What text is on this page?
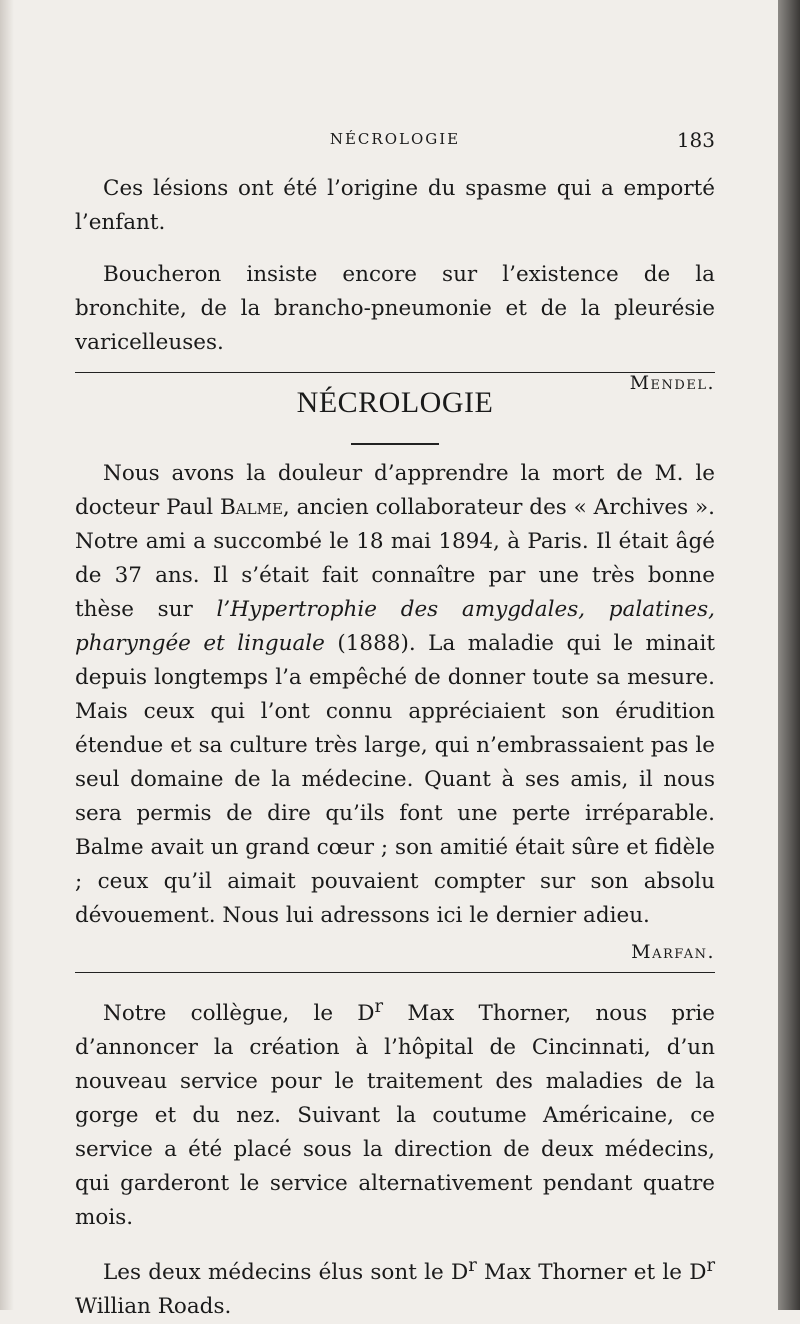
NÉCROLOGIE	183

Ces lésions ont été l’origine du spasme qui a emporté l’enfant.

Boucheron insiste encore sur l’existence de la bronchite, de la brancho-pneumonie et de la pleurésie varicelleuses.

Mendel.

NÉCROLOGIE

Nous avons la douleur d’apprendre la mort de M. le docteur Paul Balme, ancien collaborateur des « Archives ». Notre ami a succombé le 18 mai 1894, à Paris. Il était âgé de 37 ans. Il s’était fait connaître par une très bonne thèse sur l’Hypertrophie des amygdales, palatines, pharyngée et linguale (1888). La maladie qui le minait depuis longtemps l’a empêché de donner toute sa mesure. Mais ceux qui l’ont connu appréciaient son érudition étendue et sa culture très large, qui n’embrassaient pas le seul domaine de la médecine. Quant à ses amis, il nous sera permis de dire qu’ils font une perte irréparable. Balme avait un grand cœur ; son amitié était sûre et fidèle ; ceux qu’il aimait pouvaient compter sur son absolu dévouement. Nous lui adressons ici le dernier adieu.

Marfan.

Notre collègue, le $D^r$ Max Thorner, nous prie d’annoncer la création à l’hôpital de Cincinnati, d’un nouveau service pour le traitement des maladies de la gorge et du nez. Suivant la coutume Américaine, ce service a été placé sous la direction de deux médecins, qui garderont le service alternativement pendant quatre mois.

Les deux médecins élus sont le $D^r$ Max Thorner et le $D^r$ Willian Roads.
